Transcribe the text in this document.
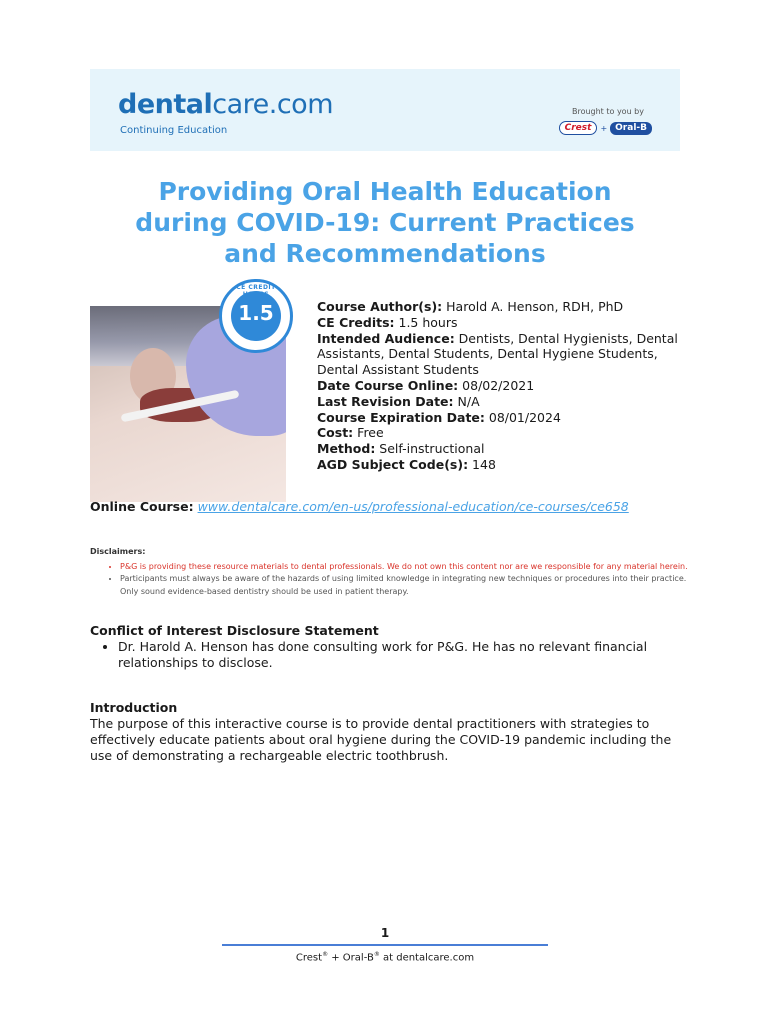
dentalcare.com
Continuing Education
Brought to you by
Crest	+ Oral-B
Providing Oral Health Education
during COVID-19: Current Practices
and Recommendations
CE CREDIT
1.5	Course Author(s): Harold A. Henson, RDH, PhD

CE Credits: 1.5 hours

Intended Audience: Dentists, Dental Hygienists, Dental Assistants, Dental Students, Dental Hygiene Students, Dental Assistant Students

Date Course Online: 08/02/2021

Last Revision Date: N/A

Course Expiration Date: 08/01/2024

Cost: Free

Method: Self-instructional

AGD Subject Code(s): 148

Online Course: www.dentalcare.com/en-us/professional-education/ce-courses/ce658
Disclaimers:
• P&G is providing these resource materials to dental professionals. We do not own this content nor are we responsible for any material herein.
• Participants must always be aware of the hazards of using limited knowledge in integrating new techniques or procedures into their practice. Only sound evidence-based dentistry should be used in patient therapy.
Conflict of Interest Disclosure Statement
• Dr. Harold A. Henson has done consulting work for P&G. He has no relevant financial relationships to disclose.
Introduction
The purpose of this interactive course is to provide dental practitioners with strategies to effectively educate patients about oral hygiene during the COVID-19 pandemic including the use of demonstrating a rechargeable electric toothbrush.
1
Crest® + Oral-B® at dentalcare.com
